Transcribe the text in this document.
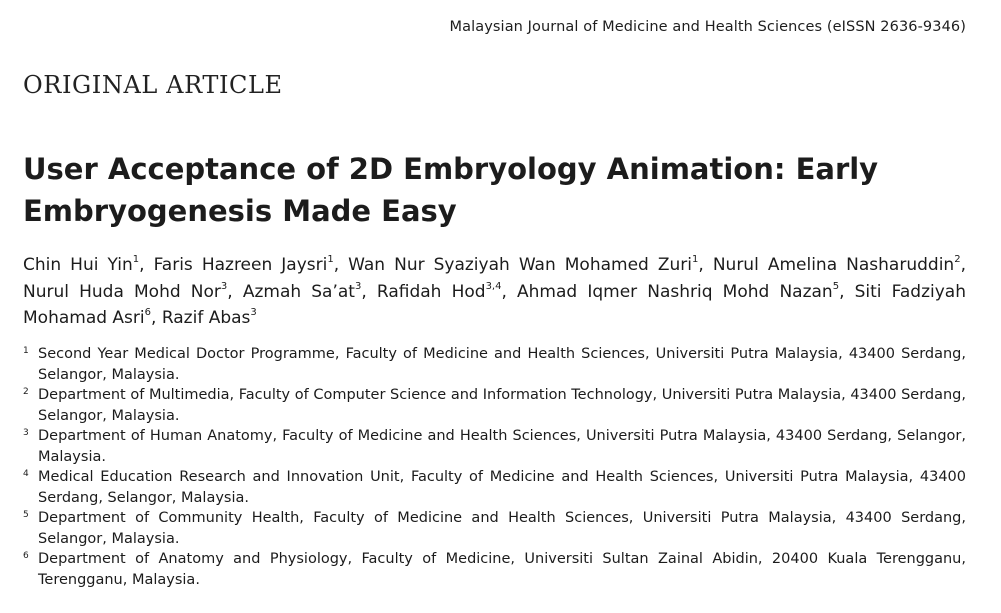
Malaysian Journal of Medicine and Health Sciences (eISSN 2636-9346)
ORIGINAL ARTICLE
User Acceptance of 2D Embryology Animation: Early
Embryogenesis Made Easy

Chin Hui Yin$^1$, Faris Hazreen Jaysri$^1$, Wan Nur Syaziyah Wan Mohamed Zuri$^1$, Nurul Amelina Nasharuddin$^2$, Nurul Huda Mohd Nor$^3$, Azmah $Sa’at^3$, Rafidah Hod$^{3,4}$, Ahmad Iqmer Nashriq Mohd Nazan$^5$, Siti Fadziyah Mohamad Asri$^6$, Razif Abas$^3$

1 Second Year Medical Doctor Programme, Faculty of Medicine and Health Sciences, Universiti Putra Malaysia, 43400 Serdang, Selangor, Malaysia.
2 Department of Multimedia, Faculty of Computer Science and Information Technology, Universiti Putra Malaysia, 43400 Serdang, Selangor, Malaysia.
3 Department of Human Anatomy, Faculty of Medicine and Health Sciences, Universiti Putra Malaysia, 43400 Serdang, Selangor, Malaysia.
4 Medical Education Research and Innovation Unit, Faculty of Medicine and Health Sciences, Universiti Putra Malaysia, 43400 Serdang, Selangor, Malaysia.
5 Department of Community Health, Faculty of Medicine and Health Sciences, Universiti Putra Malaysia, 43400 Serdang, Selangor, Malaysia.
6 Department of Anatomy and Physiology, Faculty of Medicine, Universiti Sultan Zainal Abidin, 20400 Kuala Terengganu, Terengganu, Malaysia.
